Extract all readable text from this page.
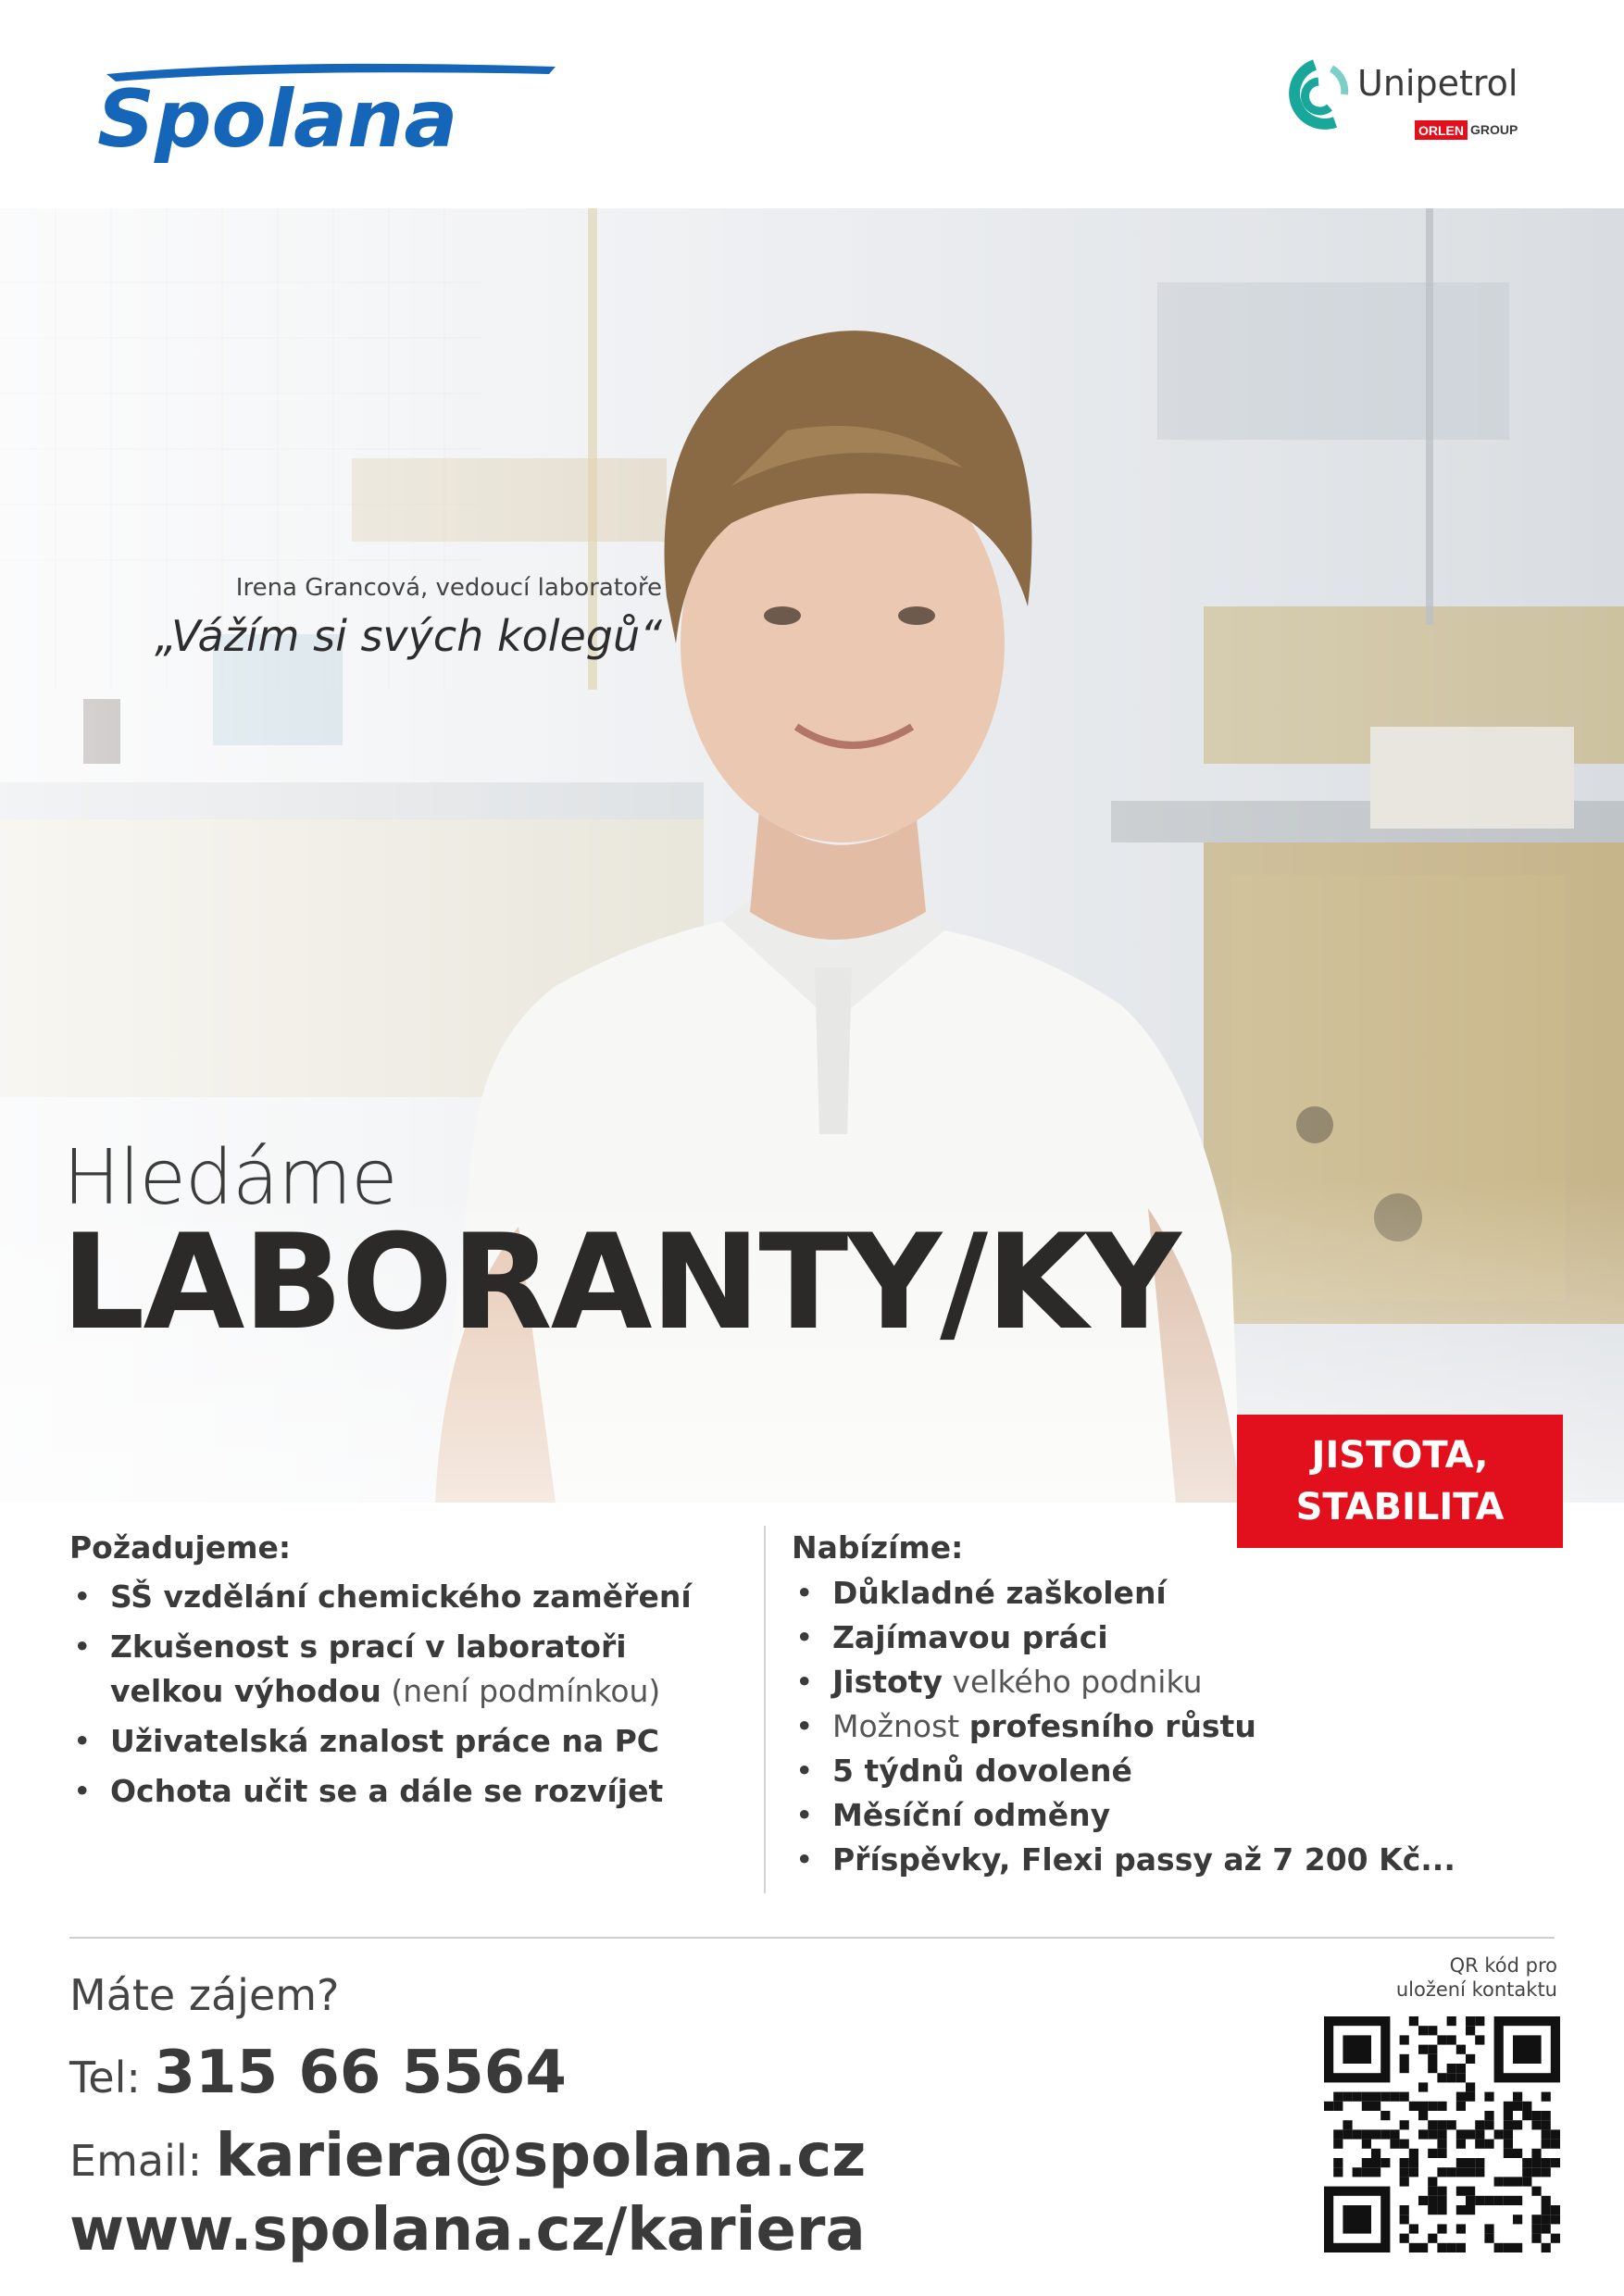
Spolana	Unipetrol
ORLEN GROUP
Irena Grancová, vedoucí laboratoře
„Vážím si svých kolegů“
Hledáme
LABORANTY/KY
JISTOTA,
STABILITA
Požadujeme:
• SŠ vzdělání chemického zaměření
• Zkušenost s prací v laboratoři velkou výhodou (není podmínkou)
• Uživatelská znalost práce na PC
• Ochota učit se a dále se rozvíjet
Nabízíme:
• Důkladné zaškolení
• Zajímavou práci
• Jistoty velkého podniku
• Možnost profesního růstu
• 5 týdnů dovolené
• Měsíční odměny
• Příspěvky, Flexi passy až 7 200 Kč...
Máte zájem?
Tel: 315 66 5564
Email: kariera@spolana.cz
www.spolana.cz/kariera
QR kód pro
uložení kontaktu
